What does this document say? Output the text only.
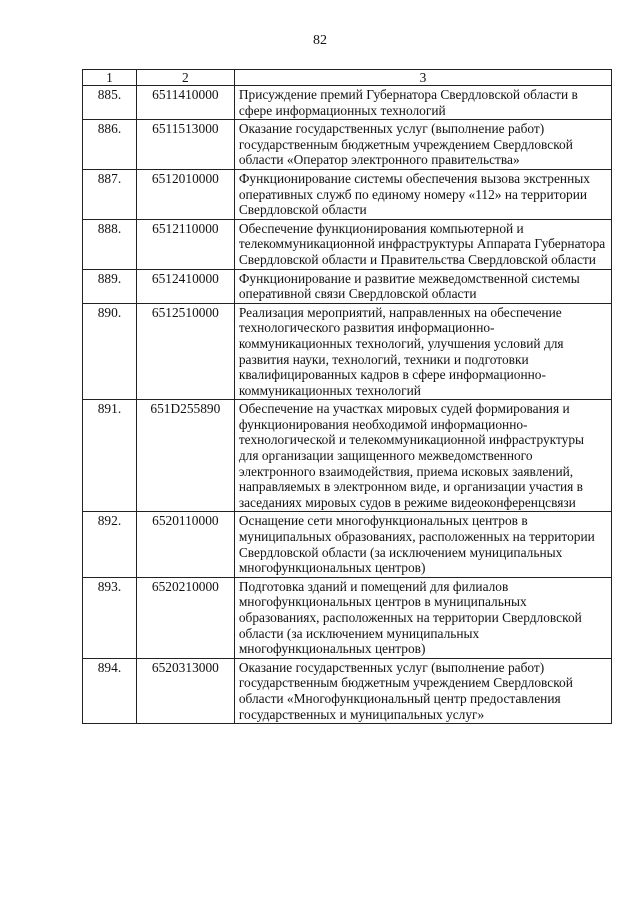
82
1	2	3
885.	6511410000	Присуждение премий Губернатора Свердловской области в сфере информационных технологий
886.	6511513000	Оказание государственных услуг (выполнение работ) государственным бюджетным учреждением Свердловской области «Оператор электронного правительства»
887.	6512010000	Функционирование системы обеспечения вызова экстренных оперативных служб по единому номеру «112» на территории Свердловской области
888.	6512110000	Обеспечение функционирования компьютерной и телекоммуникационной инфраструктуры Аппарата Губернатора Свердловской области и Правительства Свердловской области
889.	6512410000	Функционирование и развитие межведомственной системы оперативной связи Свердловской области
890.	6512510000	Реализация мероприятий, направленных на обеспечение технологического развития информационно-коммуникационных технологий, улучшения условий для развития науки, технологий, техники и подготовки квалифицированных кадров в сфере информационно-коммуникационных технологий
891.	651D255890	Обеспечение на участках мировых судей формирования и функционирования необходимой информационно-технологической и телекоммуникационной инфраструктуры для организации защищенного межведомственного электронного взаимодействия, приема исковых заявлений, направляемых в электронном виде, и организации участия в заседаниях мировых судов в режиме видеоконференцсвязи
892.	6520110000	Оснащение сети многофункциональных центров в муниципальных образованиях, расположенных на территории Свердловской области (за исключением муниципальных многофункциональных центров)
893.	6520210000	Подготовка зданий и помещений для филиалов многофункциональных центров в муниципальных образованиях, расположенных на территории Свердловской области (за исключением муниципальных многофункциональных центров)
894.	6520313000	Оказание государственных услуг (выполнение работ) государственным бюджетным учреждением Свердловской области «Многофункциональный центр предоставления государственных и муниципальных услуг»
